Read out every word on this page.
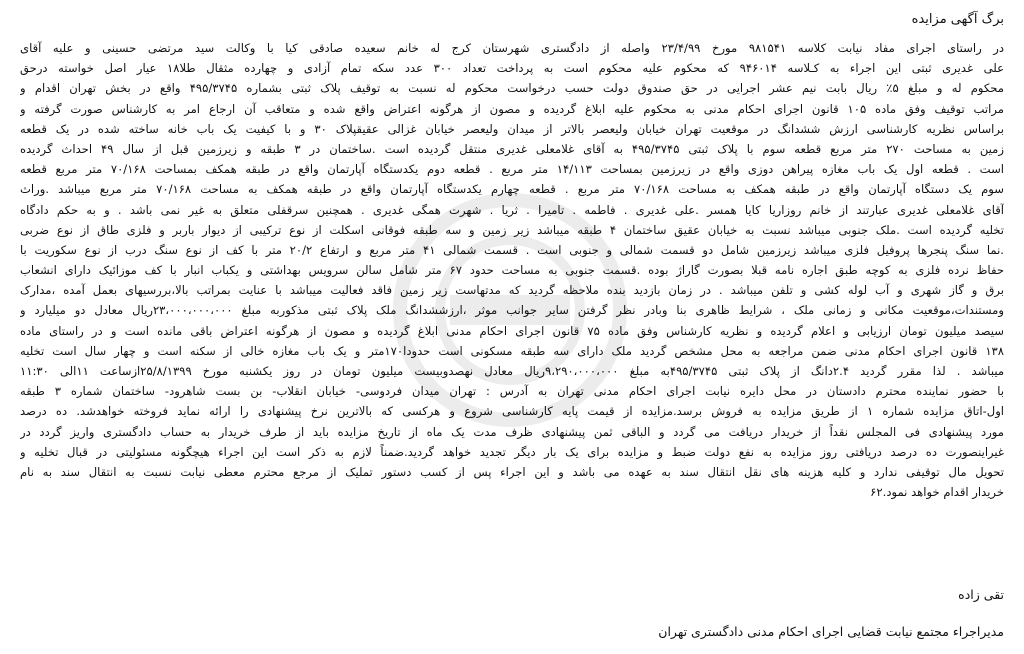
برگ آگهی مزایده
در راستای اجرای مفاد نیابت کلاسه ۹۸۱۵۴۱ مورخ ۲۳/۴/۹۹ واصله از دادگستری شهرستان کرج له خانم سعیده صادقی کیا با وکالت سید مرتضی حسینی و علیه آقای
علی غدیری ثبتی این اجراء به کـلاسه ۹۴۶۰۱۴ که محکوم علیه محکوم است به پرداخت تعداد ۳۰۰ عدد سکه تمام آزادی و چهارده مثقال طلا۱۸ عیار اصل خواسته درحق
محکوم له و مبلغ ۵٪ ریال بابت نیم عشر اجرایی در حق صندوق دولت حسب درخواست محکوم له نسبت به توقیف پلاک ثبتی بشماره ۴۹۵/۳۷۴۵ واقع در بخش تهران اقدام و
مراتب توقیف وفق ماده ۱۰۵ قانون اجرای احکام مدنی به محکوم علیه ابلاغ گردیده و مصون از هرگونه اعتراض واقع شده و متعاقب آن ارجاع امر به کارشناس صورت گرفته و
براساس نظریه کارشناسی ارزش ششدانگ در موقعیت تهران خیابان ولیعصر بالاتر از میدان ولیعصر خیابان غزالی عقیقپلاک ۳۰ و با کیفیت یک باب خانه ساخته شده در یک قطعه
زمین به مساحت ۲۷۰ متر مربع قطعه سوم با پلاک ثبتی ۴۹۵/۳۷۴۵ به آقای غلامعلی غدیری منتقل گردیده است .ساختمان در ۳ طبقه و زیرزمین قبل از سال ۴۹ احداث گردیده
است . قطعه اول یک باب مغازه پیراهن دوزی واقع در زیرزمین بمساحت ۱۴/۱۱۳ متر مربع . قطعه دوم یکدستگاه آپارتمان واقع در طبقه همکف بمساحت ۷۰/۱۶۸ متر مربع قطعه
سوم یک دستگاه آپارتمان واقع در طبقه همکف به مساحت ۷۰/۱۶۸ متر مربع . قطعه چهارم یکدستگاه آپارتمان واقع در طبقه همکف به مساحت ۷۰/۱۶۸ متر مربع میباشد .وراث
آقای غلامعلی غدیری عبارتند از خانم روزاریا کایا همسر .علی غدیری . فاطمه . تامیرا . ثریا . شهرت همگی غدیری . همچنین سرقفلی متعلق به غیر نمی باشد . و به حکم دادگاه
تخلیه گردیده است .ملک جنوبی میباشد نسبت به خیابان عقیق ساختمان ۴ طبقه میباشد زیر زمین و سه طبقه فوقانی اسکلت از نوع ترکیبی از دیوار باربر و فلزی طاق از نوع ضربی
.نما سنگ پنجرها پروفیل فلزی میباشد زیرزمین شامل دو قسمت شمالی و جنوبی است . قسمت شمالی ۴۱ متر مربع و ارتفاع ۲۰/۲ متر با کف از نوع سنگ درب از نوع سکوریت با
حفاظ نرده فلزی به کوچه طبق اجاره نامه قبلا بصورت گاراژ بوده .قسمت جنوبی به مساحت حدود ۶۷ متر شامل سالن سرویس بهداشتی و یکباب انبار با کف موزائیک دارای انشعاب
برق و گاز شهری و آب لوله کشی و تلفن میباشد . در زمان بازدید بنده ملاحظه گردید که مدتهاست زیر زمین فاقد فعالیت میباشد با عنایت بمراتب بالا،بررسیهای بعمل آمده ،مدارک
ومستندات،موقعیت مکانی و زمانی ملک ، شرایط ظاهری بنا وبادر نظر گرفتن سایر جوانب موثر ،ارزششدانگ ملک پلاک ثبتی مذکوربه مبلغ ۲۳،۰۰۰،۰۰۰،۰۰۰ریال معادل دو میلیارد و
سیصد میلیون تومان ارزیابی و اعلام گردیده و نظریه کارشناس وفق ماده ۷۵ قانون اجرای احکام مدنی ابلاغ گردیده و مصون از هرگونه اعتراض باقی مانده است و در راستای ماده
۱۳۸ قانون اجرای احکام مدنی ضمن مراجعه به محل مشخص گردید ملک دارای سه طبقه مسکونی است حدودا۱۷۰متر و یک باب مغازه خالی از سکنه است و چهار سال است تخلیه
میباشد . لذا مقرر گردید ۲.۴دانگ از پلاک ثبتی ۴۹۵/۳۷۴۵به مبلغ ۹،۲۹۰،۰۰۰،۰۰۰ریال معادل نهصدوبیست میلیون تومان در روز یکشنبه مورخ ۲۵/۸/۱۳۹۹ازساعت ۱۱الی ۱۱:۳۰
با حضور نماینده محترم دادستان در محل دایره نیابت اجرای احکام مدنی تهران به آدرس : تهران میدان فردوسی- خیابان انقلاب- بن بست شاهرود- ساختمان شماره ۳ طبقه
اول-اتاق مزایده شماره ۱ از طریق مزایده به فروش برسد.مزایده از قیمت پایه کارشناسی شروع و هرکسی که بالاترین نرخ پیشنهادی را ارائه نماید فروخته خواهدشد. ده درصد
مورد پیشنهادی فی المجلس نقداً از خریدار دریافت می گردد و الباقی ثمن پیشنهادی ظرف مدت یک ماه از تاریخ مزایده باید از طرف خریدار به حساب دادگستری واریز گردد در
غیراینصورت ده درصد دریافتی روز مزایده به نفع دولت ضبط و مزایده برای یک بار دیگر تجدید خواهد گردید.ضمناً لازم به ذکر است این اجراء هیچگونه مسئولیتی در قبال تخلیه و
تحویل مال توقیفی ندارد و کلیه هزینه های نقل انتقال سند به عهده می باشد و این اجراء پس از کسب دستور تملیک از مرجع محترم معطی نیابت نسبت به انتقال سند به نام
خریدار اقدام خواهد نمود.۶۲
تقی زاده
مدیراجراء مجتمع نیابت قضایی اجرای احکام مدنی دادگستری تهران
